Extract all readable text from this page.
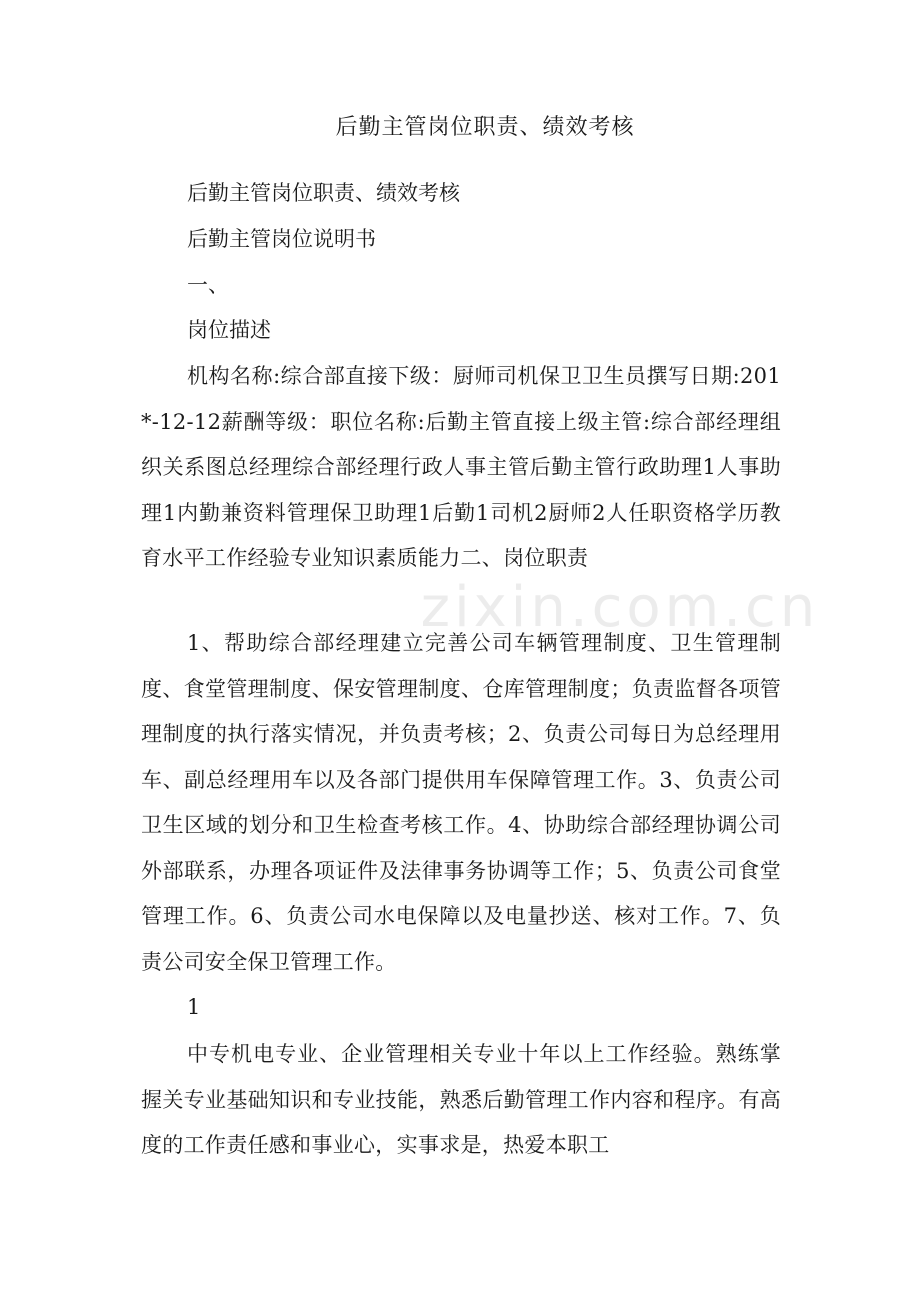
zixin.com.cn
后勤主管岗位职责、绩效考核

后勤主管岗位职责、绩效考核

后勤主管岗位说明书

一、

岗位描述

机构名称:综合部直接下级：厨师司机保卫卫生员撰写日期:201*-12-12薪酬等级：职位名称:后勤主管直接上级主管:综合部经理组织关系图总经理综合部经理行政人事主管后勤主管行政助理1人事助理1内勤兼资料管理保卫助理1后勤1司机2厨师2人任职资格学历教育水平工作经验专业知识素质能力二、岗位职责

1、帮助综合部经理建立完善公司车辆管理制度、卫生管理制度、食堂管理制度、保安管理制度、仓库管理制度；负责监督各项管理制度的执行落实情况，并负责考核；2、负责公司每日为总经理用车、副总经理用车以及各部门提供用车保障管理工作。3、负责公司卫生区域的划分和卫生检查考核工作。4、协助综合部经理协调公司外部联系，办理各项证件及法律事务协调等工作；5、负责公司食堂管理工作。6、负责公司水电保障以及电量抄送、核对工作。7、负责公司安全保卫管理工作。

1

中专机电专业、企业管理相关专业十年以上工作经验。熟练掌握关专业基础知识和专业技能，熟悉后勤管理工作内容和程序。有高度的工作责任感和事业心，实事求是，热爱本职工
